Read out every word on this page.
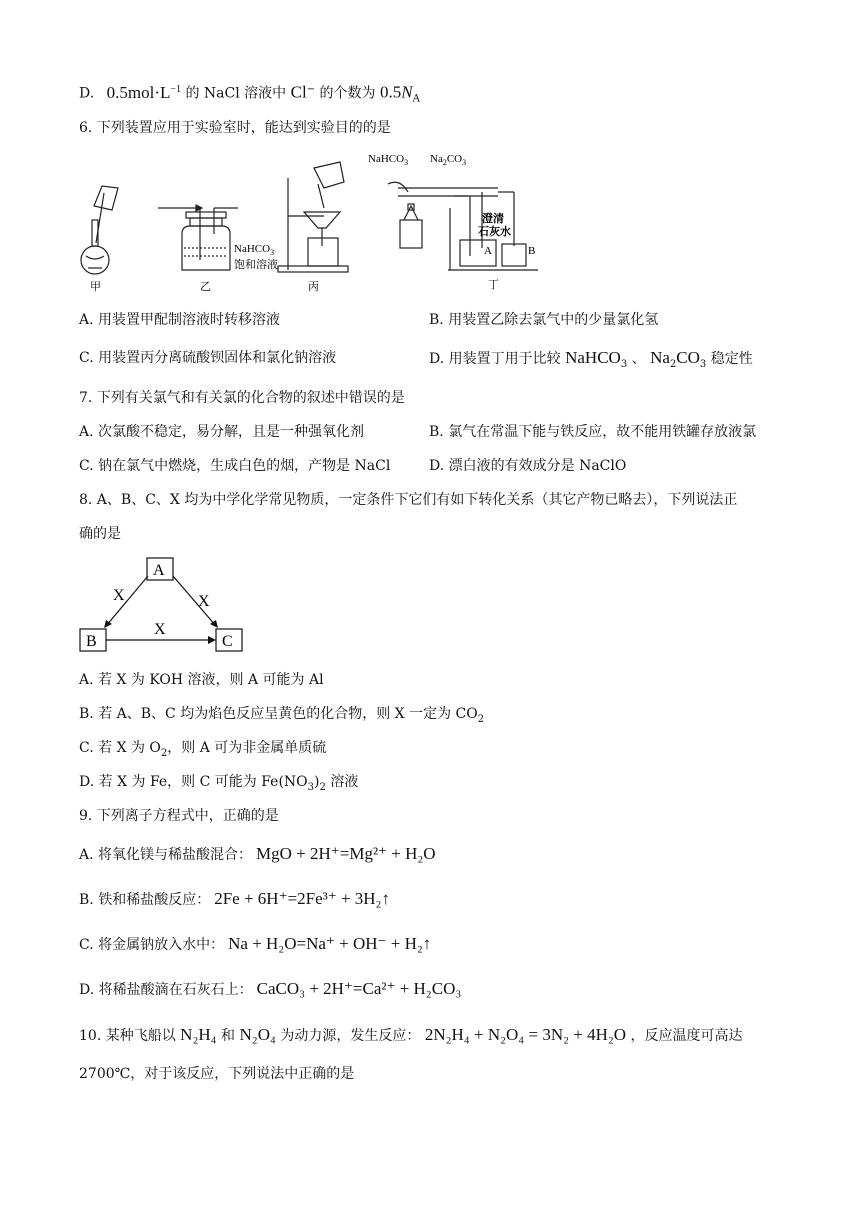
D. $0.5mol\cdot L^{-1}$ 的 NaCl 溶液中 Cl− 的个数为 $0.5N_A$
6. 下列装置应用于实验室时，能达到实验目的的是
甲	乙	丙	丁
NaHCO$_3$
饱和溶液
NaHCO$_3$ $Na_2CO_3$
澄清
石灰水
A	B
A. 用装置甲配制溶液时转移溶液	B. 用装置乙除去氯气中的少量氯化氢
C. 用装置丙分离硫酸钡固体和氯化钠溶液	D. 用装置丁用于比较 NaHCO$_3$ 、 $Na_2CO_3$ 稳定性
7. 下列有关氯气和有关氯的化合物的叙述中错误的是
A. 次氯酸不稳定，易分解，且是一种强氧化剂	B. 氯气在常温下能与铁反应，故不能用铁罐存放液氯
C. 钠在氯气中燃烧，生成白色的烟，产物是 NaCl	D. 漂白液的有效成分是 NaClO
8. A、B、C、X 均为中学化学常见物质，一定条件下它们有如下转化关系（其它产物已略去），下列说法正
确的是
A
B	C
X	X
X
A. 若 X 为 KOH 溶液，则 A 可能为 Al
B. 若 A、B、C 均为焰色反应呈黄色的化合物，则 X 一定为 $CO_2$
C. 若 X 为 $O_2$，则 A 可为非金属单质硫
D. 若 X 为 Fe，则 C 可能为 $Fe(NO_3)_2$ 溶液
9. 下列离子方程式中，正确的是
A. 将氧化镁与稀盐酸混合： MgO + 2H⁺=Mg²⁺ + H₂O
B. 铁和稀盐酸反应： 2Fe + 6H⁺=2Fe³⁺ + 3H₂↑
C. 将金属钠放入水中： Na + H₂O=Na⁺ + OH⁻ + H₂↑
D. 将稀盐酸滴在石灰石上： CaCO₃ + 2H⁺=Ca²⁺ + H₂CO₃
10. 某种飞船以 N₂H₄ 和 N₂O₄ 为动力源，发生反应： 2N₂H₄ + N₂O₄ = 3N₂ + 4H₂O ，反应温度可高达
2700℃，对于该反应，下列说法中正确的是
